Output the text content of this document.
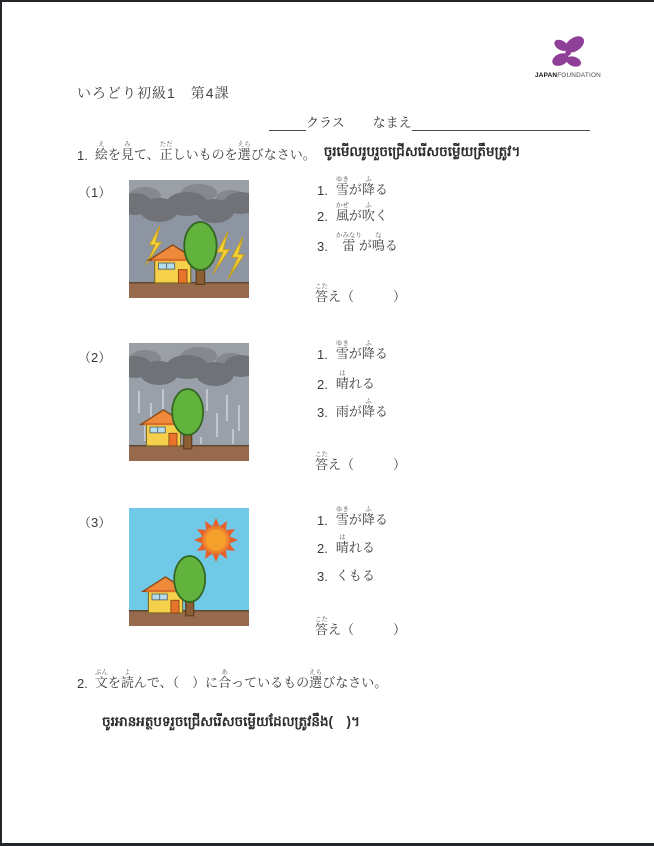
JAPANFOUNDATION
いろどり初級1　第4課
クラス なまえ
1. 絵えを見みて、正ただしいものを選えらびなさい。 ចូរមើលរូបរួចជ្រើសរើសចម្លើយត្រឹមត្រូវ។
（1）	1. 雪ゆきが降ふる
2. 風かぜが吹ふく
3. 雷かみなりが鳴なる
答こたえ（　　　）
（2）	1. 雪ゆきが降ふる
2. 晴はれる
3. 雨が降ふる
答こたえ（　　　）
（3）	1. 雪ゆきが降ふる
2. 晴はれる
3. くもる
答こたえ（　　　）
2. 文ぶんを読よんで、（　）に合あっているもの選えらびなさい。
ចូរអានអត្ថបទរួចជ្រើសរើសចម្លើយដែលត្រូវនឹង(　)។
